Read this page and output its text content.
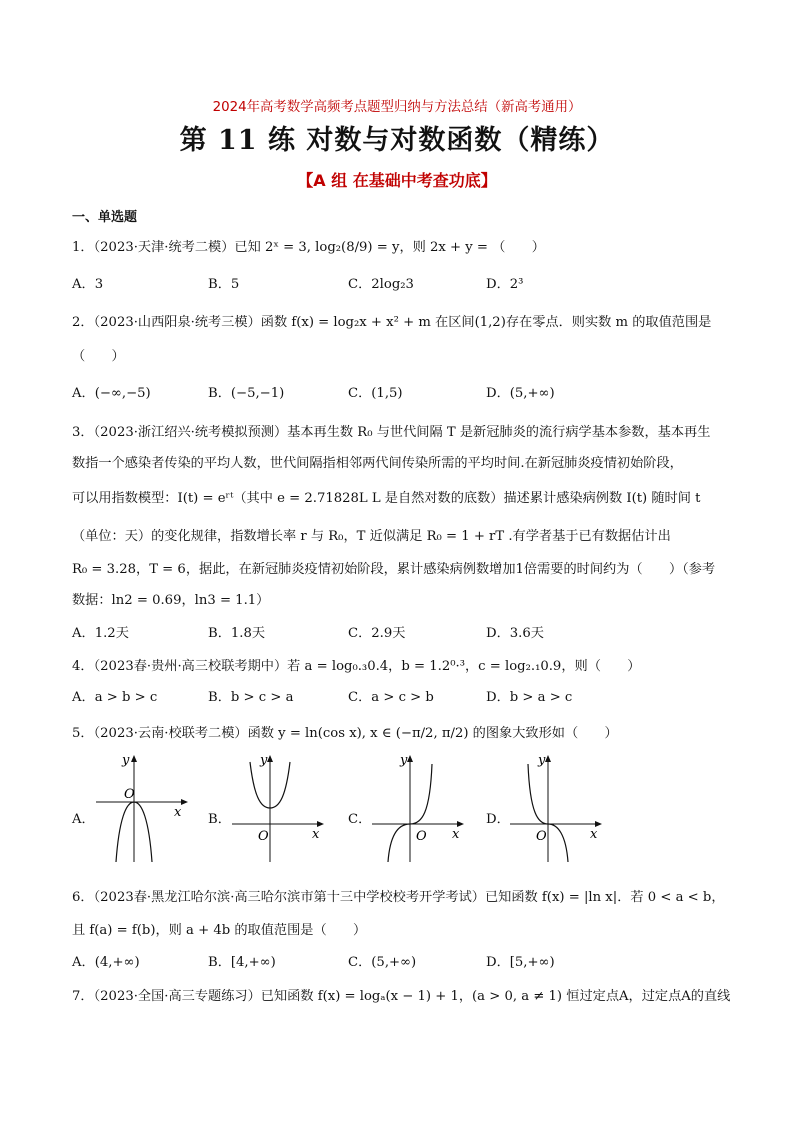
2024年高考数学高频考点题型归纳与方法总结（新高考通用）
第 11 练 对数与对数函数（精练）
【A 组 在基础中考查功底】
一、单选题
1．（2023·天津·统考二模）已知 2ˣ = 3, log₂(8/9) = y，则 2x + y = （　　）
A．3	B．5	C．2log₂3	D．2³
2．（2023·山西阳泉·统考三模）函数 f(x) = log₂x + x² + m 在区间(1,2)存在零点．则实数 m 的取值范围是
（　　）
A．(−∞,−5)	B．(−5,−1)	C．(1,5)	D．(5,+∞)
3．（2023·浙江绍兴·统考模拟预测）基本再生数 R₀ 与世代间隔 T 是新冠肺炎的流行病学基本参数，基本再生
数指一个感染者传染的平均人数，世代间隔指相邻两代间传染所需的平均时间.在新冠肺炎疫情初始阶段，
可以用指数模型：I(t) = eʳᵗ（其中 e = 2.71828L L 是自然对数的底数）描述累计感染病例数 I(t) 随时间 t
（单位：天）的变化规律，指数增长率 r 与 R₀，T 近似满足 R₀ = 1 + rT .有学者基于已有数据估计出
R₀ = 3.28，T = 6，据此，在新冠肺炎疫情初始阶段，累计感染病例数增加1倍需要的时间约为（　　）（参考
数据：ln2 = 0.69，ln3 = 1.1）
A．1.2天	B．1.8天	C．2.9天	D．3.6天
4．（2023春·贵州·高三校联考期中）若 a = log₀.₃0.4，b = 1.2⁰·³，c = log₂.₁0.9，则（　　）
A．a > b > c	B．b > c > a	C．a > c > b	D．b > a > c
5．（2023·云南·校联考二模）函数 y = ln(cos x), x ∈ (−π/2, π/2) 的图象大致形如（　　）
A．
y
x
O
B．
y
x
O
C．
y
x
O
D．
y
x
O
6．（2023春·黑龙江哈尔滨·高三哈尔滨市第十三中学校校考开学考试）已知函数 f(x) = |ln x|．若 0 < a < b，
且 f(a) = f(b)，则 a + 4b 的取值范围是（　　）
A．(4,+∞)	B．[4,+∞)	C．(5,+∞)	D．[5,+∞)
7．（2023·全国·高三专题练习）已知函数 f(x) = logₐ(x − 1) + 1，(a > 0, a ≠ 1) 恒过定点A，过定点A的直线
